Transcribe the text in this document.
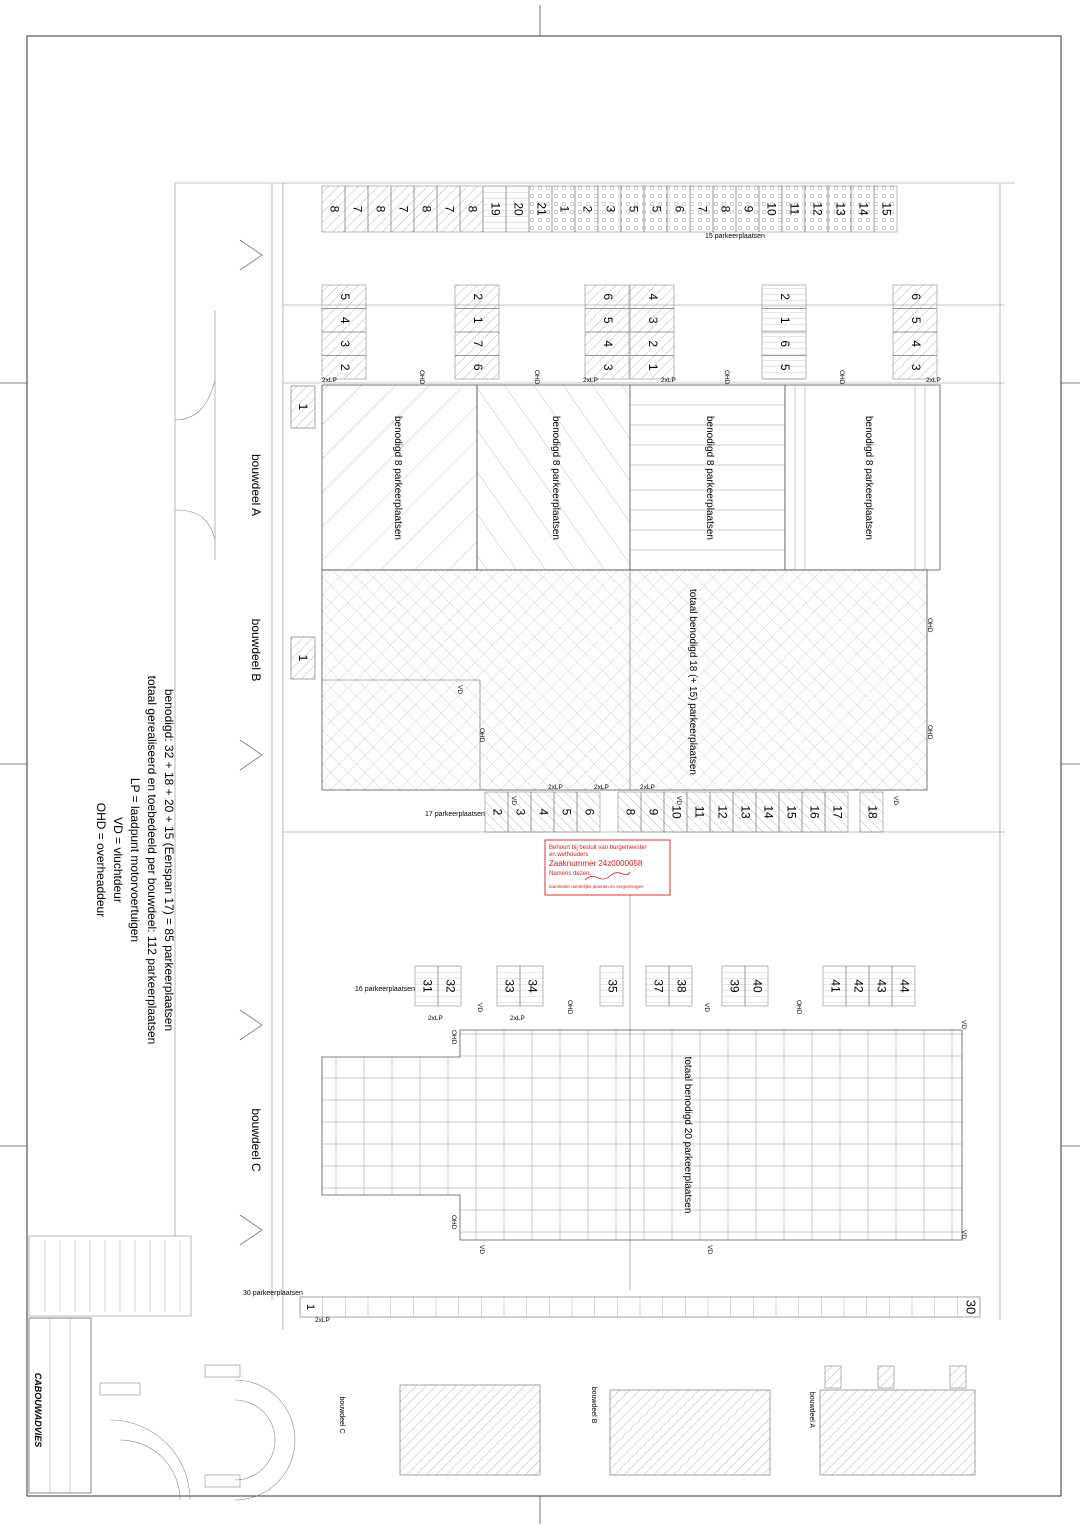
8 7 8 7 8 7 8 19 20 21 1 2 3 5 5 6 7 8 9 10 11 12 13 14 15
15 parkeerplaatsen
5
4
3
2
2
1
7
6
6
5
4
3
4
3
2
1
2
1
6
5
6
5
4
3
2xLP	2xLP	2xLP	2xLP
OHD	OHD	OHD	OHD
benodigd 8 parkeerplaatsen	benodigd 8 parkeerplaatsen	benodigd 8 parkeerplaatsen	benodigd 8 parkeerplaatsen
totaal benodigd 18 (+ 15) parkeerplaatsen
VD
OHD
OHD
OHD
bouwdeel A
bouwdeel B
bouwdeel C
1
1
2 3 4 5 6 8 9 10 11 12 13 14 15 16 17 18
17 parkeerplaatsen
2xLP	2xLP	2xLP
VD	VD	VD
Behoort bij besluit van burgemeester
en wethouders
Zaaknummer 24z0000058
Namens dezen,
teamleider ruimtelijke plannen en vergunningen
31 32	33 34	35	37 38	39 40	41 42 43 44
16 parkeerplaatsen
2xLP	2xLP
VD	OHD	VD	OHD
totaal benodigd 20 parkeerplaatsen
OHD
OHD
VD
VD
VD	VD
1	30
30 parkeerplaatsen
2xLP
benodigd: 32 + 18 + 20 + 15 (Eenspan 17) = 85 parkeerplaatsen
totaal gerealiseerd en toebedeeld per bouwdeel: 112 parkeerplaatsen
LP = laadpunt motorvoertuigen
VD = vluchtdeur
OHD = overheaddeur
CABOUWADVIES	bouwdeel C	bouwdeel B	bouwdeel A
